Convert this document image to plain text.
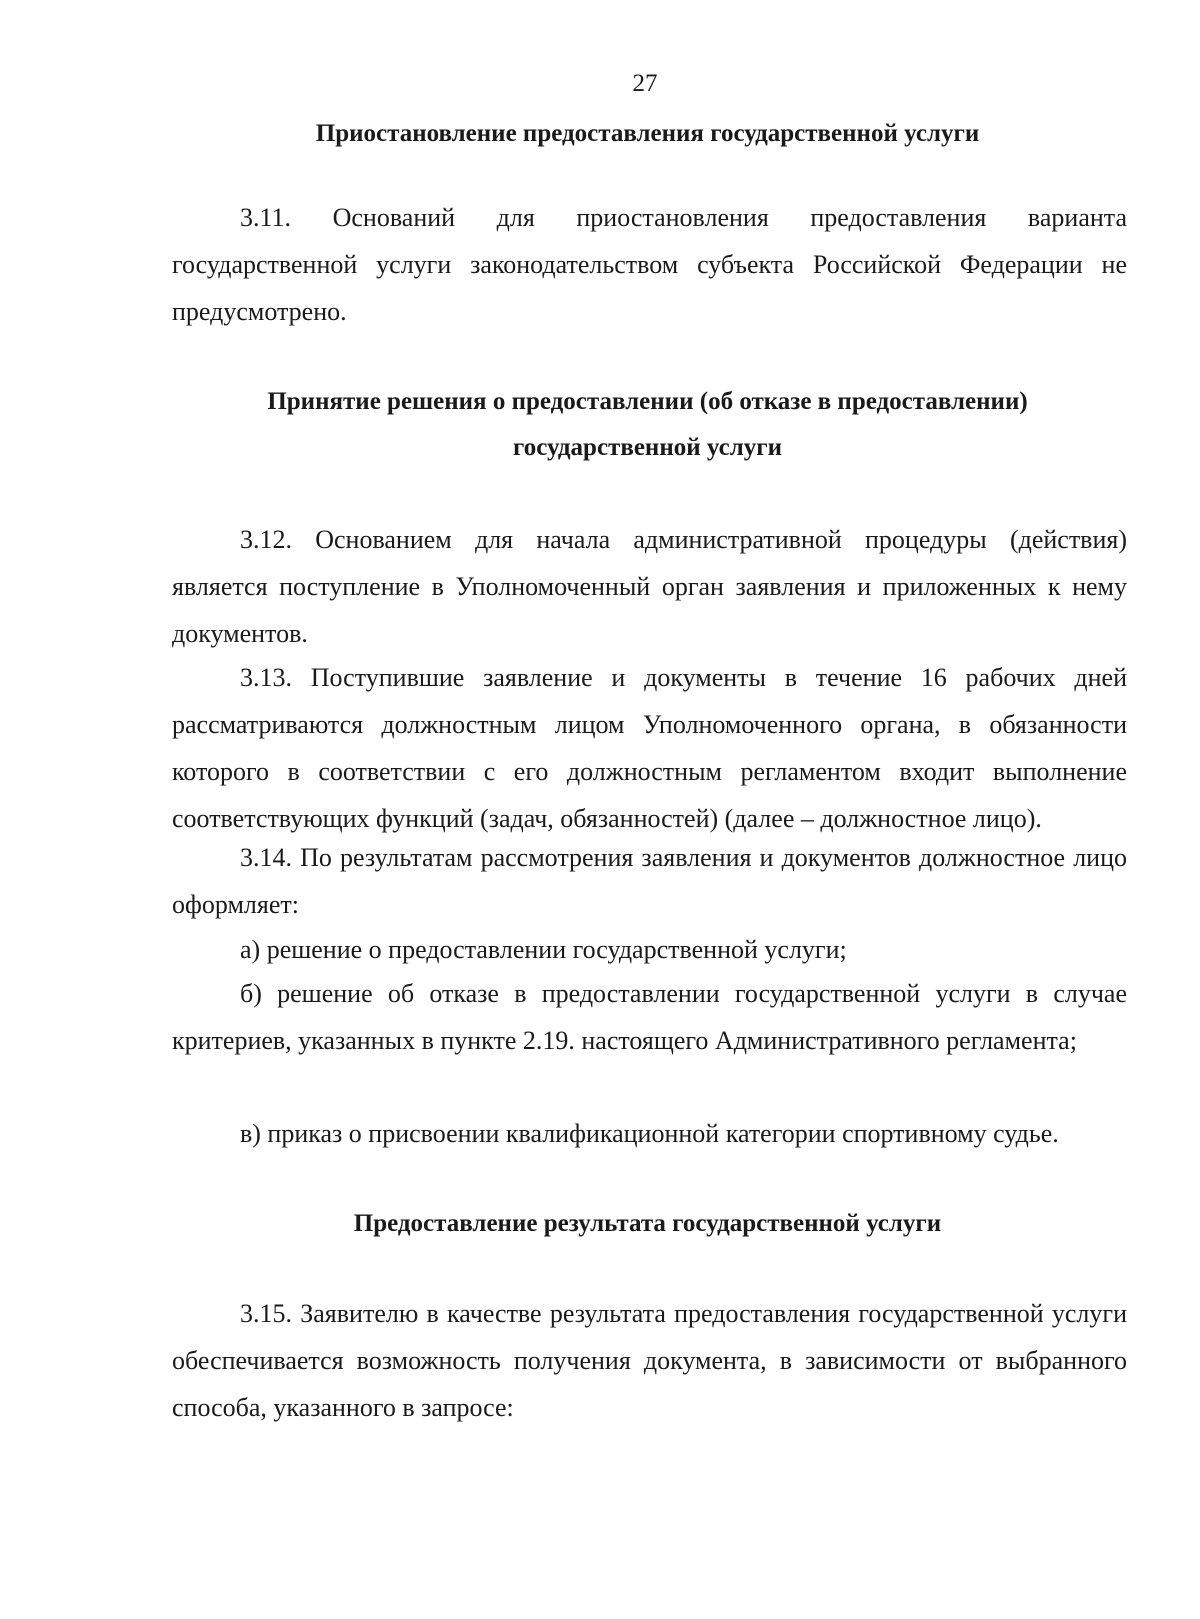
27
Приостановление предоставления государственной услуги
3.11. Оснований для приостановления предоставления варианта государственной услуги законодательством субъекта Российской Федерации не предусмотрено.
Принятие решения о предоставлении (об отказе в предоставлении)
государственной услуги
3.12. Основанием для начала административной процедуры (действия) является поступление в Уполномоченный орган заявления и приложенных к нему документов.
3.13. Поступившие заявление и документы в течение 16 рабочих дней рассматриваются должностным лицом Уполномоченного органа, в обязанности которого в соответствии с его должностным регламентом входит выполнение соответствующих функций (задач, обязанностей) (далее – должностное лицо).
3.14. По результатам рассмотрения заявления и документов должностное лицо оформляет:
а) решение о предоставлении государственной услуги;
б) решение об отказе в предоставлении государственной услуги в случае критериев, указанных в пункте 2.19. настоящего Административного регламента;
в) приказ о присвоении квалификационной категории спортивному судье.
Предоставление результата государственной услуги
3.15. Заявителю в качестве результата предоставления государственной услуги обеспечивается возможность получения документа, в зависимости от выбранного способа, указанного в запросе:
